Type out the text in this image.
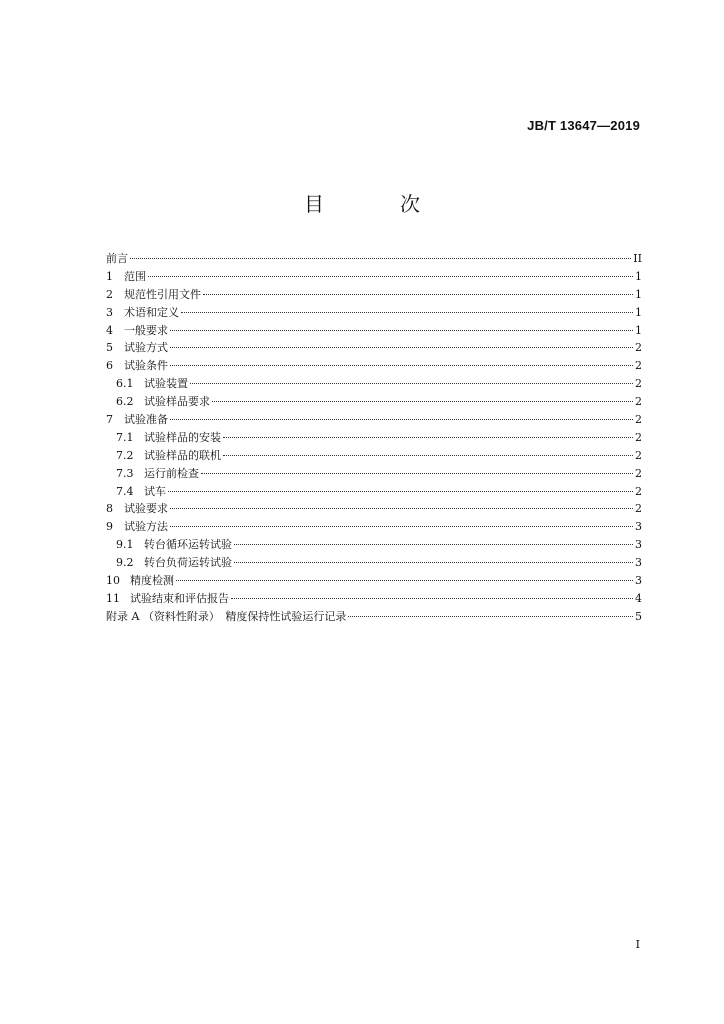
JB/T 13647—2019
目　次
前言	II
1	范围	1
2	规范性引用文件	1
3	术语和定义	1
4	一般要求	1
5	试验方式	2
6	试验条件	2
6.1 试验装置	2
6.2 试验样品要求	2
7	试验准备	2
7.1 试验样品的安装	2
7.2 试验样品的联机	2
7.3 运行前检查	2
7.4 试车	2
8	试验要求	2
9	试验方法	3
9.1 转台循环运转试验	3
9.2 转台负荷运转试验	3
10 精度检测	3
11 试验结束和评估报告	4
附录 A （资料性附录）　精度保持性试验运行记录	5
I
